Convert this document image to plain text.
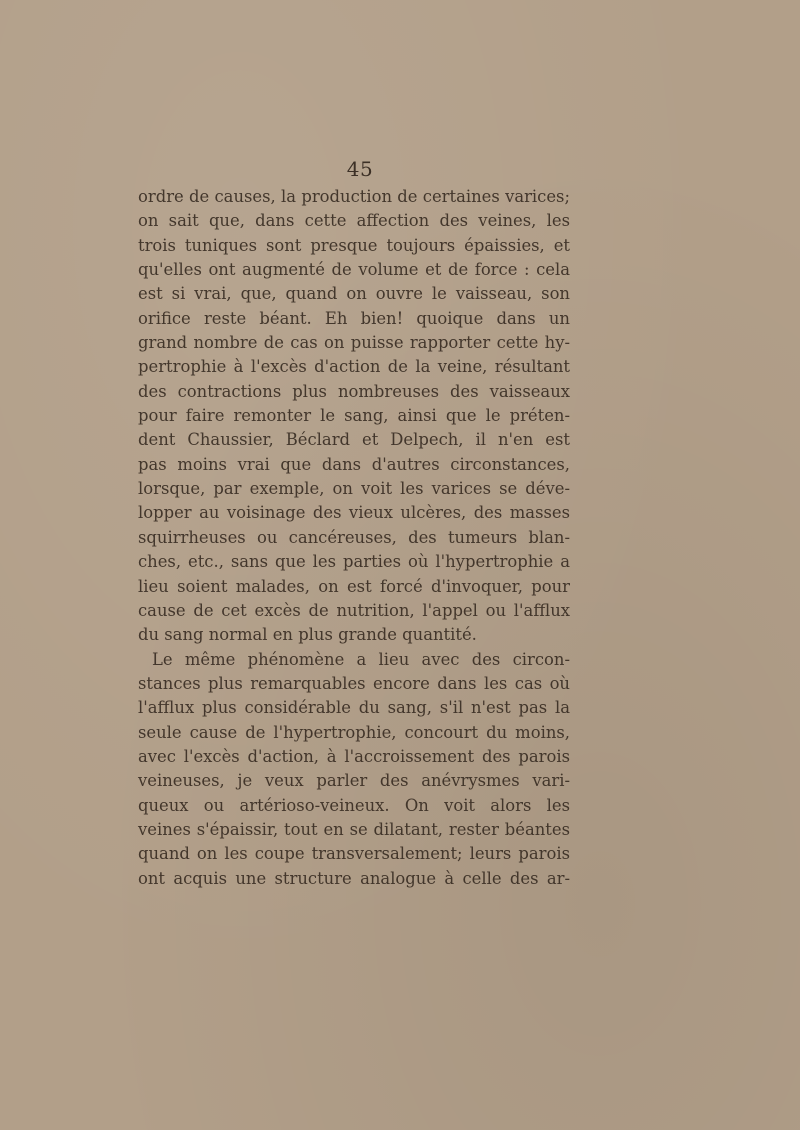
45
ordre de causes, la production de certaines varices;
on sait que, dans cette affection des veines, les
trois tuniques sont presque toujours épaissies, et
qu'elles ont augmenté de volume et de force : cela
est si vrai, que, quand on ouvre le vaisseau, son
orifice reste béant. Eh bien! quoique dans un
grand nombre de cas on puisse rapporter cette hy-
pertrophie à l'excès d'action de la veine, résultant
des contractions plus nombreuses des vaisseaux
pour faire remonter le sang, ainsi que le préten-
dent Chaussier, Béclard et Delpech, il n'en est
pas moins vrai que dans d'autres circonstances,
lorsque, par exemple, on voit les varices se déve-
lopper au voisinage des vieux ulcères, des masses
squirrheuses ou cancéreuses, des tumeurs blan-
ches, etc., sans que les parties où l'hypertrophie a
lieu soient malades, on est forcé d'invoquer, pour
cause de cet excès de nutrition, l'appel ou l'afflux
du sang normal en plus grande quantité.
Le même phénomène a lieu avec des circon-
stances plus remarquables encore dans les cas où
l'afflux plus considérable du sang, s'il n'est pas la
seule cause de l'hypertrophie, concourt du moins,
avec l'excès d'action, à l'accroissement des parois
veineuses, je veux parler des anévrysmes vari-
queux ou artérioso-veineux. On voit alors les
veines s'épaissir, tout en se dilatant, rester béantes
quand on les coupe transversalement; leurs parois
ont acquis une structure analogue à celle des ar-
